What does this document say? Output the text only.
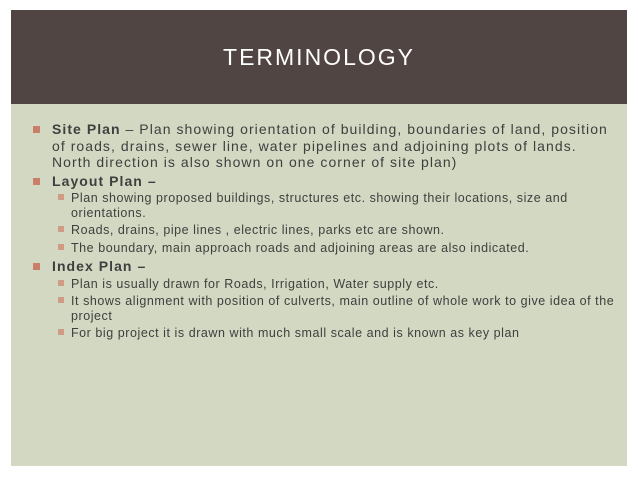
TERMINOLOGY
Site Plan – Plan showing orientation of building, boundaries of land, position of roads, drains, sewer line, water pipelines and adjoining plots of lands. North direction is also shown on one corner of site plan)
Layout Plan –
Plan showing proposed buildings, structures etc. showing their locations, size and orientations.
Roads, drains, pipe lines , electric lines, parks etc are shown.
The boundary, main approach roads and adjoining areas are also indicated.
Index Plan –
Plan is usually drawn for Roads, Irrigation, Water supply etc.
It shows alignment with position of culverts, main outline of whole work to give idea of the project
For big project it is drawn with much small scale and is known as key plan
